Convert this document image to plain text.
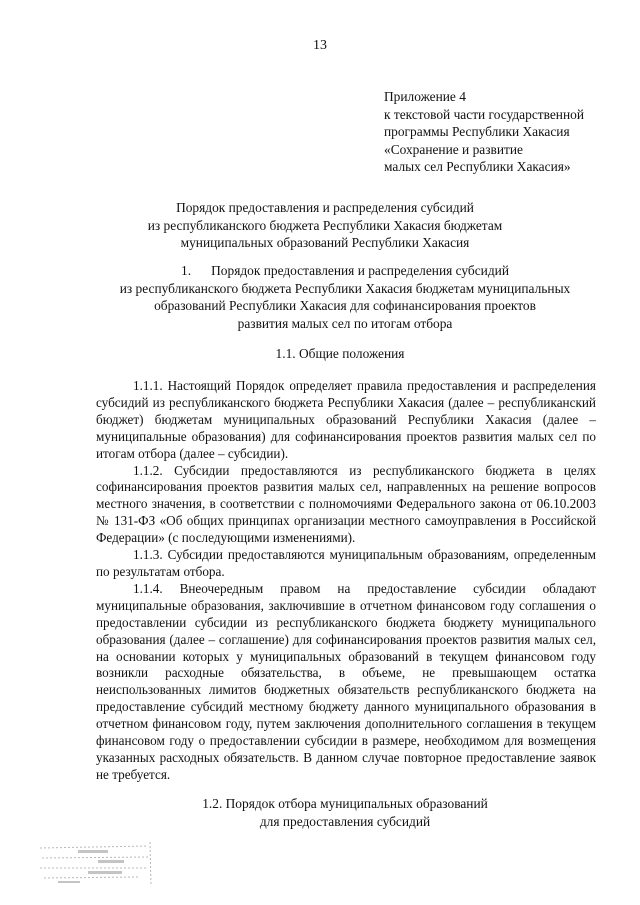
13
Приложение 4
к текстовой части государственной
программы Республики Хакасия
«Сохранение и развитие
малых сел Республики Хакасия»
Порядок предоставления и распределения субсидий
из республиканского бюджета Республики Хакасия бюджетам
муниципальных образований Республики Хакасия
1.      Порядок предоставления и распределения субсидий
из республиканского бюджета Республики Хакасия бюджетам муниципальных
образований Республики Хакасия для софинансирования проектов
развития малых сел по итогам отбора
1.1. Общие положения

1.1.1. Настоящий Порядок определяет правила предоставления и распределения субсидий из республиканского бюджета Республики Хакасия (далее – республиканский бюджет) бюджетам муниципальных образований Республики Хакасия (далее – муниципальные образования) для софинансирования проектов развития малых сел по итогам отбора (далее – субсидии).

1.1.2. Субсидии предоставляются из республиканского бюджета в целях софинансирования проектов развития малых сел, направленных на решение вопросов местного значения, в соответствии с полномочиями Федерального закона от 06.10.2003 № 131-ФЗ «Об общих принципах организации местного самоуправления в Российской Федерации» (с последующими изменениями).

1.1.3. Субсидии предоставляются муниципальным образованиям, определенным по результатам отбора.

1.1.4. Внеочередным правом на предоставление субсидии обладают муниципальные образования, заключившие в отчетном финансовом году соглашения о предоставлении субсидии из республиканского бюджета бюджету муниципального образования (далее – соглашение) для софинансирования проектов развития малых сел, на основании которых у муниципальных образований в текущем финансовом году возникли расходные обязательства, в объеме, не превышающем остатка неиспользованных лимитов бюджетных обязательств республиканского бюджета на предоставление субсидий местному бюджету данного муниципального образования в отчетном финансовом году, путем заключения дополнительного соглашения в текущем финансовом году о предоставлении субсидии в размере, необходимом для возмещения указанных расходных обязательств. В данном случае повторное предоставление заявок не требуется.

1.2. Порядок отбора муниципальных образований
для предоставления субсидий
